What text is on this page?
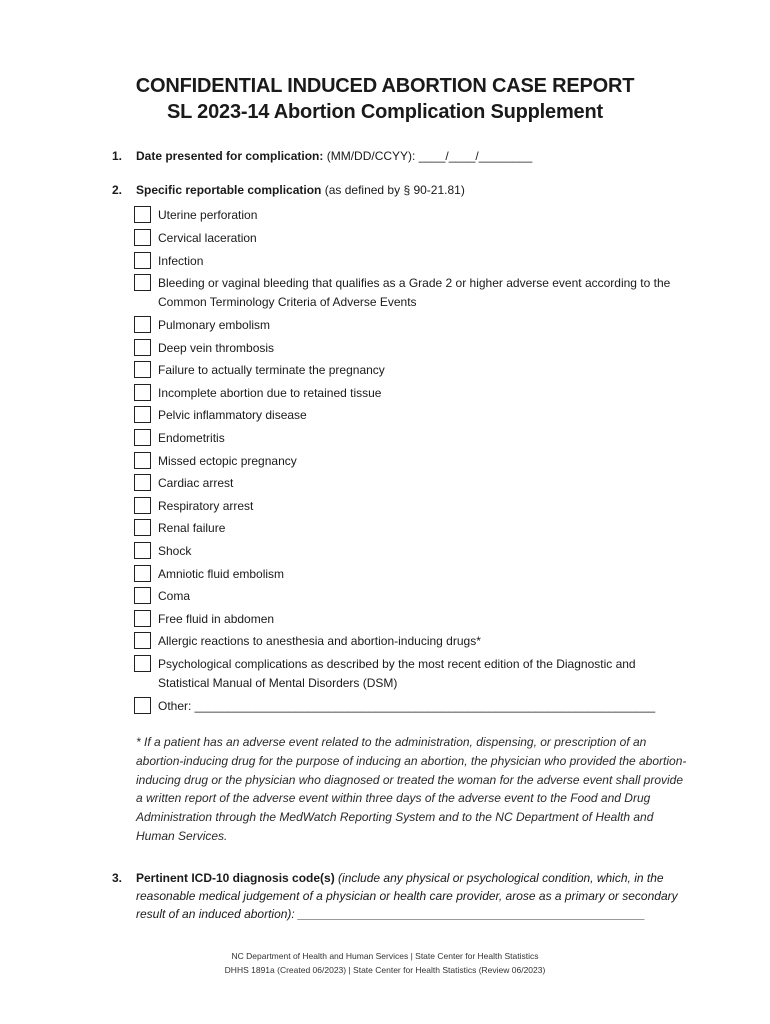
CONFIDENTIAL INDUCED ABORTION CASE REPORT
SL 2023-14 Abortion Complication Supplement
1. Date presented for complication: (MM/DD/CCYY): ____/____/________
2. Specific reportable complication (as defined by § 90-21.81)
Uterine perforation
Cervical laceration
Infection
Bleeding or vaginal bleeding that qualifies as a Grade 2 or higher adverse event according to the Common Terminology Criteria of Adverse Events
Pulmonary embolism
Deep vein thrombosis
Failure to actually terminate the pregnancy
Incomplete abortion due to retained tissue
Pelvic inflammatory disease
Endometritis
Missed ectopic pregnancy
Cardiac arrest
Respiratory arrest
Renal failure
Shock
Amniotic fluid embolism
Coma
Free fluid in abdomen
Allergic reactions to anesthesia and abortion-inducing drugs*
Psychological complications as described by the most recent edition of the Diagnostic and Statistical Manual of Mental Disorders (DSM)
Other: _____________________________________________________________________
* If a patient has an adverse event related to the administration, dispensing, or prescription of an abortion-inducing drug for the purpose of inducing an abortion, the physician who provided the abortion-inducing drug or the physician who diagnosed or treated the woman for the adverse event shall provide a written report of the adverse event within three days of the adverse event to the Food and Drug Administration through the MedWatch Reporting System and to the NC Department of Health and Human Services.
3. Pertinent ICD-10 diagnosis code(s) (include any physical or psychological condition, which, in the
reasonable medical judgement of a physician or health care provider, arose as a primary or secondary
result of an induced abortion): ____________________________________________________
NC Department of Health and Human Services | State Center for Health Statistics
DHHS 1891a (Created 06/2023) | State Center for Health Statistics (Review 06/2023)
